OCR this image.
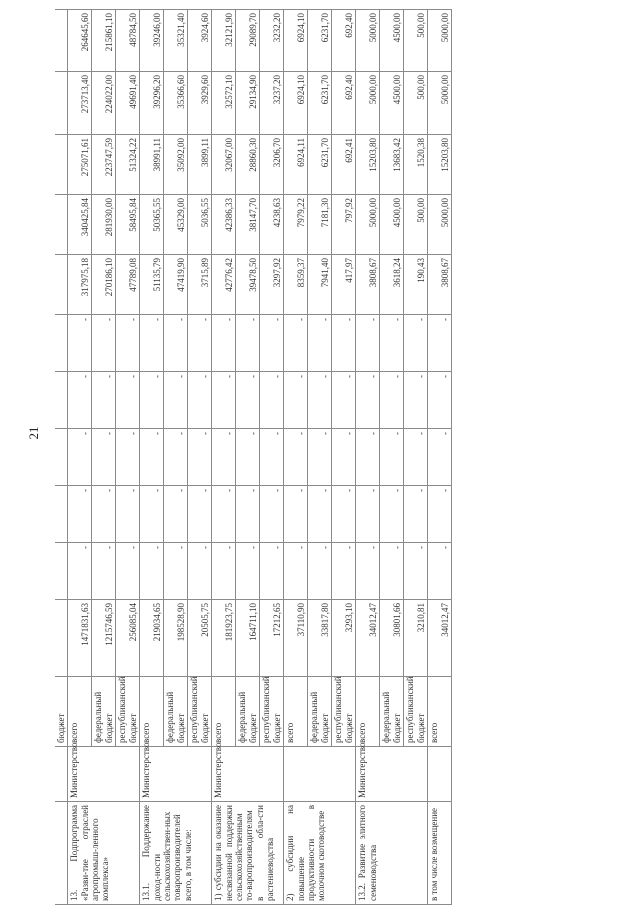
21
		бюджет											
13. Подпрограмма «Разви-тие отраслей агропромыш-ленного комплекса»	Министерство	всего	1471831,63	-	-	-	-	-	317975,18	340425,84	275071,61	273713,40	264645,60
		федеральный бюджет	1215746,59	-	-	-	-	-	270186,10	281930,00	223747,59	224022,00	215861,10
		республиканский бюджет	256085,04	-	-	-	-	-	47789,08	58495,84	51324,22	49691,40	48784,50
13.1. Поддержание доход-ности сельскохозяйствен-ных товаропроизводителей всего, в том числе:	Министерство	всего	219034,65	-	-	-	-	-	51135,79	50365,55	38991,11	39296,20	39246,00
		федеральный бюджет	198528,90	-	-	-	-	-	47419,90	45329,00	35092,00	35366,60	35321,40
		республиканский бюджет	20505,75	-	-	-	-	-	3715,89	5036,55	3899,11	3929,60	3924,60
1) субсидии на оказание несвязанной поддержки сельскохозяйственным то-варопроизводителям в обла-сти растениеводства	Министерство	всего	181923,75	-	-	-	-	-	42776,42	42386,33	32067,00	32572,10	32121,90
		федеральный бюджет	164711,10	-	-	-	-	-	39478,50	38147,70	28860,30	29134,90	29089,70
		республиканский бюджет	17212,65	-	-	-	-	-	3297,92	4238,63	3206,70	3237,20	3232,20
2) субсидии на повышение продуктивности в молочном скотоводстве		всего	37110,90	-	-	-	-	-	8359,37	7979,22	6924,11	6924,10	6924,10
		федеральный бюджет	33817,80	-	-	-	-	-	7941,40	7181,30	6231,70	6231,70	6231,70
		республиканский бюджет	3293,10	-	-	-	-	-	417,97	797,92	692,41	692,40	692,40
13.2. Развитие элитного семеноводства	Министерство	всего	34012,47	-	-	-	-	-	3808,67	5000,00	15203,80	5000,00	5000,00
		федеральный бюджет	30801,66	-	-	-	-	-	3618,24	4500,00	13683,42	4500,00	4500,00
		республиканский бюджет	3210,81	-	-	-	-	-	190,43	500,00	1520,38	500,00	500,00
в том числе возмещение		всего	34012,47	-	-	-	-	-	3808,67	5000,00	15203,80	5000,00	5000,00
